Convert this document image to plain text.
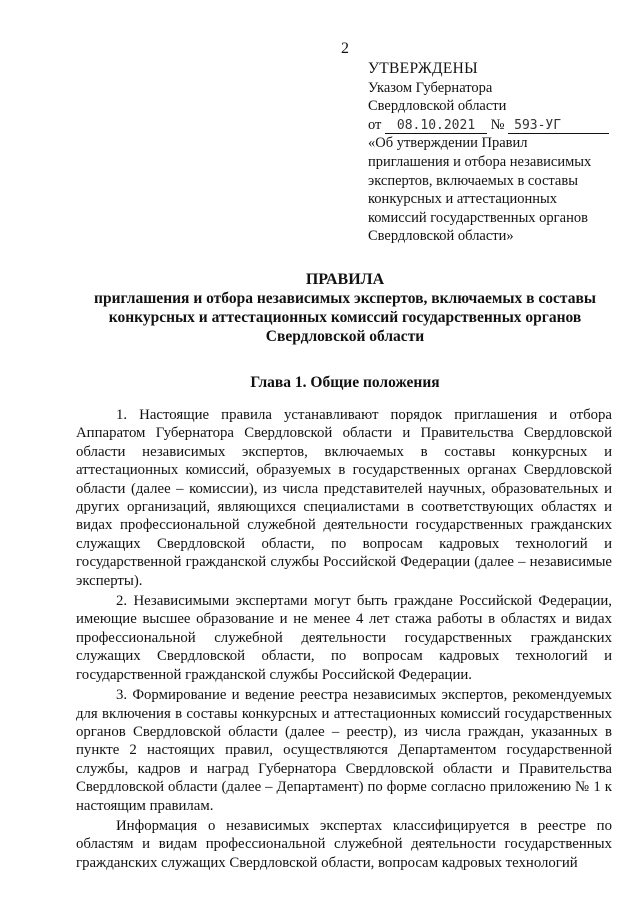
2
УТВЕРЖДЕНЫ
Указом Губернатора
Свердловской области
от 08.10.2021 № 593-УГ
«Об утверждении Правил
приглашения и отбора независимых
экспертов, включаемых в составы
конкурсных и аттестационных
комиссий государственных органов
Свердловской области»
ПРАВИЛА
приглашения и отбора независимых экспертов, включаемых в составы
конкурсных и аттестационных комиссий государственных органов
Свердловской области
Глава 1. Общие положения

1. Настоящие правила устанавливают порядок приглашения и отбора Аппаратом Губернатора Свердловской области и Правительства Свердловской области независимых экспертов, включаемых в составы конкурсных и аттестационных комиссий, образуемых в государственных органах Свердловской области (далее – комиссии), из числа представителей научных, образовательных и других организаций, являющихся специалистами в соответствующих областях и видах профессиональной служебной деятельности государственных гражданских служащих Свердловской области, по вопросам кадровых технологий и государственной гражданской службы Российской Федерации (далее – независимые эксперты).

2. Независимыми экспертами могут быть граждане Российской Федерации, имеющие высшее образование и не менее 4 лет стажа работы в областях и видах профессиональной служебной деятельности государственных гражданских служащих Свердловской области, по вопросам кадровых технологий и государственной гражданской службы Российской Федерации.

3. Формирование и ведение реестра независимых экспертов, рекомендуемых для включения в составы конкурсных и аттестационных комиссий государственных органов Свердловской области (далее – реестр), из числа граждан, указанных в пункте 2 настоящих правил, осуществляются Департаментом государственной службы, кадров и наград Губернатора Свердловской области и Правительства Свердловской области (далее – Департамент) по форме согласно приложению № 1 к настоящим правилам.

Информация о независимых экспертах классифицируется в реестре по областям и видам профессиональной служебной деятельности государственных гражданских служащих Свердловской области, вопросам кадровых технологий
